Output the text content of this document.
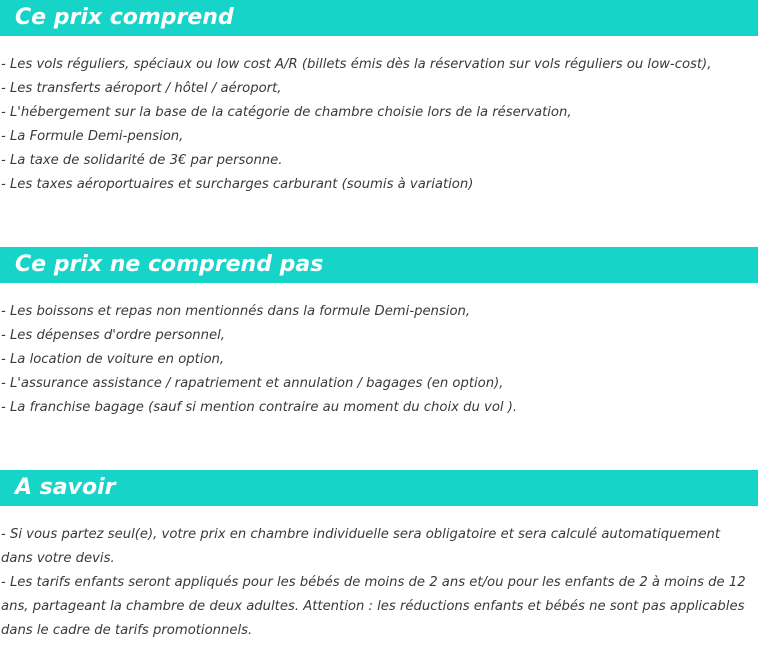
Ce prix comprend
- Les vols réguliers, spéciaux ou low cost A/R (billets émis dès la réservation sur vols réguliers ou low-cost),
- Les transferts aéroport / hôtel / aéroport,
- L'hébergement sur la base de la catégorie de chambre choisie lors de la réservation,
- La Formule Demi-pension,
- La taxe de solidarité de 3€ par personne.
- Les taxes aéroportuaires et surcharges carburant (soumis à variation)
Ce prix ne comprend pas
- Les boissons et repas non mentionnés dans la formule Demi-pension,
- Les dépenses d'ordre personnel,
- La location de voiture en option,
- L'assurance assistance / rapatriement et annulation / bagages (en option),
- La franchise bagage (sauf si mention contraire au moment du choix du vol ).
A savoir
- Si vous partez seul(e), votre prix en chambre individuelle sera obligatoire et sera calculé automatiquement dans votre devis.
- Les tarifs enfants seront appliqués pour les bébés de moins de 2 ans et/ou pour les enfants de 2 à moins de 12 ans, partageant la chambre de deux adultes. Attention : les réductions enfants et bébés ne sont pas applicables dans le cadre de tarifs promotionnels.
